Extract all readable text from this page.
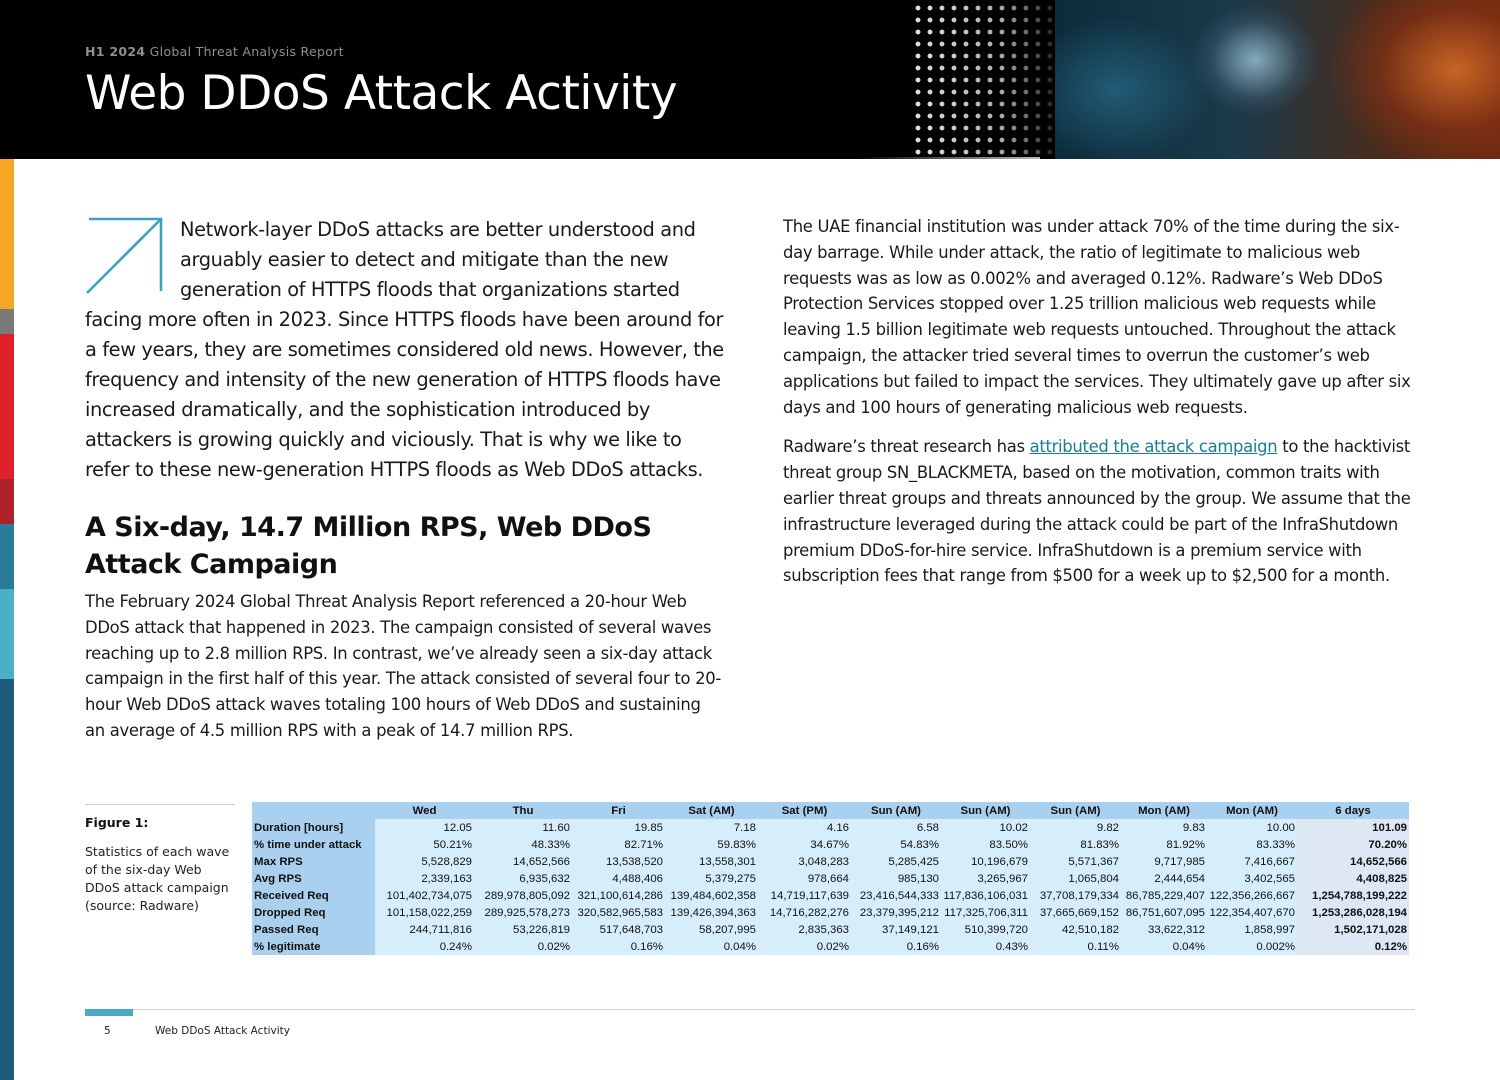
H1 2024 Global Threat Analysis Report
Web DDoS Attack Activity
Network-layer DDoS attacks are better understood and arguably easier to detect and mitigate than the new generation of HTTPS floods that organizations started facing more often in 2023. Since HTTPS floods have been around for a few years, they are sometimes considered old news. However, the frequency and intensity of the new generation of HTTPS floods have increased dramatically, and the sophistication introduced by attackers is growing quickly and viciously. That is why we like to refer to these new-generation HTTPS floods as Web DDoS attacks.
A Six-day, 14.7 Million RPS, Web DDoS
Attack Campaign

The February 2024 Global Threat Analysis Report referenced a 20-hour Web DDoS attack that happened in 2023. The campaign consisted of several waves reaching up to 2.8 million RPS. In contrast, we’ve already seen a six-day attack campaign in the first half of this year. The attack consisted of several four to 20-hour Web DDoS attack waves totaling 100 hours of Web DDoS and sustaining an average of 4.5 million RPS with a peak of 14.7 million RPS.

The UAE financial institution was under attack 70% of the time during the six-day barrage. While under attack, the ratio of legitimate to malicious web requests was as low as 0.002% and averaged 0.12%. Radware’s Web DDoS Protection Services stopped over 1.25 trillion malicious web requests while leaving 1.5 billion legitimate web requests untouched. Throughout the attack campaign, the attacker tried several times to overrun the customer’s web applications but failed to impact the services. They ultimately gave up after six days and 100 hours of generating malicious web requests.

Radware’s threat research has attributed the attack campaign to the hacktivist threat group SN_BLACKMETA, based on the motivation, common traits with earlier threat groups and threats announced by the group. We assume that the infrastructure leveraged during the attack could be part of the InfraShutdown premium DDoS-for-hire service. InfraShutdown is a premium service with subscription fees that range from $500 for a week up to $2,500 for a month.

Figure 1:
Statistics of each wave of the six-day Web DDoS attack campaign (source: Radware)
	Wed	Thu	Fri	Sat (AM)	Sat (PM)	Sun (AM)	Sun (AM)	Sun (AM)	Mon (AM)	Mon (AM)	6 days
Duration [hours]	12.05	11.60	19.85	7.18	4.16	6.58	10.02	9.82	9.83	10.00	101.09
% time under attack	50.21%	48.33%	82.71%	59.83%	34.67%	54.83%	83.50%	81.83%	81.92%	83.33%	70.20%
Max RPS	5,528,829	14,652,566	13,538,520	13,558,301	3,048,283	5,285,425	10,196,679	5,571,367	9,717,985	7,416,667	14,652,566
Avg RPS	2,339,163	6,935,632	4,488,406	5,379,275	978,664	985,130	3,265,967	1,065,804	2,444,654	3,402,565	4,408,825
Received Req	101,402,734,075	289,978,805,092	321,100,614,286	139,484,602,358	14,719,117,639	23,416,544,333	117,836,106,031	37,708,179,334	86,785,229,407	122,356,266,667	1,254,788,199,222
Dropped Req	101,158,022,259	289,925,578,273	320,582,965,583	139,426,394,363	14,716,282,276	23,379,395,212	117,325,706,311	37,665,669,152	86,751,607,095	122,354,407,670	1,253,286,028,194
Passed Req	244,711,816	53,226,819	517,648,703	58,207,995	2,835,363	37,149,121	510,399,720	42,510,182	33,622,312	1,858,997	1,502,171,028
% legitimate	0.24%	0.02%	0.16%	0.04%	0.02%	0.16%	0.43%	0.11%	0.04%	0.002%	0.12%
5	Web DDoS Attack Activity
